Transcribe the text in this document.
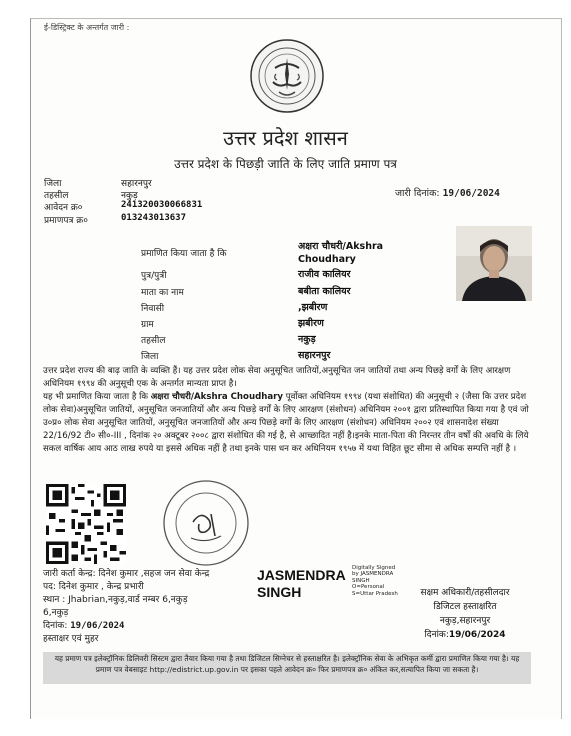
ई-डिस्ट्रिक्ट के अन्तर्गत जारी :
उत्तर प्रदेश शासन
उत्तर प्रदेश के पिछड़ी जाति के लिए जाति प्रमाण पत्र
जिला	सहारनपुर
तहसील	नकुड़
आवेदन क्र०	241320030066831
प्रमाणपत्र क्र०	013243013637
जारी दिनांक: 19/06/2024
प्रमाणित किया जाता है कि
अक्षरा चौधरी/Akshra Choudhary
पुत्र/पुत्री	राजीव कालियर
माता का नाम	बबीता कालियर
निवासी	,झबीरण
ग्राम	झबीरण
तहसील	नकुड़
जिला	सहारनपुर

उत्तर प्रदेश राज्य की बाढ़ जाति के व्यक्ति हैं। यह उत्तर प्रदेश लोक सेवा अनुसूचित जातियों,अनुसूचित जन जातियों तथा अन्य पिछड़े वर्गों के लिए आरक्षण अधिनियम १९९४ की अनुसूची एक के अन्तर्गत मान्यता प्राप्त है।

यह भी प्रमाणित किया जाता है कि अक्षरा चौधरी/Akshra Choudhary पूर्वोक्त अधिनियम १९९४ (यथा संशोधित) की अनुसूची २ (जैसा कि उत्तर प्रदेश लोक सेवा)अनुसूचित जातियों, अनुसूचित जनजातियों और अन्य पिछड़े वर्गों के लिए आरक्षण (संशोधन) अधिनियम २००१ द्वारा प्रतिस्थापित किया गया है एवं जो उ०प्र० लोक सेवा अनुसूचित जातियों, अनुसूचित जनजातियों और अन्य पिछड़े वर्गों के लिए आरक्षण (संशोधन) अधिनियम २००२ एवं शासनादेश संख्या 22/16/92 टी० सी०-III , दिनांक २० अक्टूबर २००८ द्वारा संशोधित की गई है, से आच्छादित नहीं है।इनके माता-पिता की निरन्तर तीन वर्षों की अवधि के लिये सकल वार्षिक आय आठ लाख रुपये या इससे अधिक नहीं है तथा इनके पास धन कर अधिनियम १९५७ में यथा विहित छूट सीमा से अधिक सम्पत्ति नहीं है ।

JASMENDRA SINGH
Digitally Signed by JASMENDRA SINGH O=Personal S=Uttar Pradesh
जारी कर्ता केन्द्र: दिनेश कुमार ,सहज जन सेवा केन्द्र
पद: दिनेश कुमार , केन्द्र प्रभारी
स्थान : Jhabrian,नकुड़,वार्ड नम्बर 6,नकुड़
6,नकुड़
दिनांक: 19/06/2024
हस्ताक्षर एवं मुहर
सक्षम अधिकारी/तहसीलदार
डिजिटल हस्ताक्षरित
नकुड़,सहारनपुर
दिनांक:19/06/2024
यह प्रमाण पत्र इलेक्ट्रॉनिक डिलिवरी सिस्टम द्वारा तैयार किया गया है तथा डिजिटल सिग्नेचर से हस्ताक्षरित है। इलेक्ट्रॉनिक सेवा के अभिकृत कर्मी द्वारा प्रमाणित किया गया है। यह प्रमाण पत्र वेबसाइट http://edistrict.up.gov.in पर इसका पहले आवेदन क्र० फिर प्रमाणपत्र क्र० अंकित कर,सत्यापित किया जा सकता है।
